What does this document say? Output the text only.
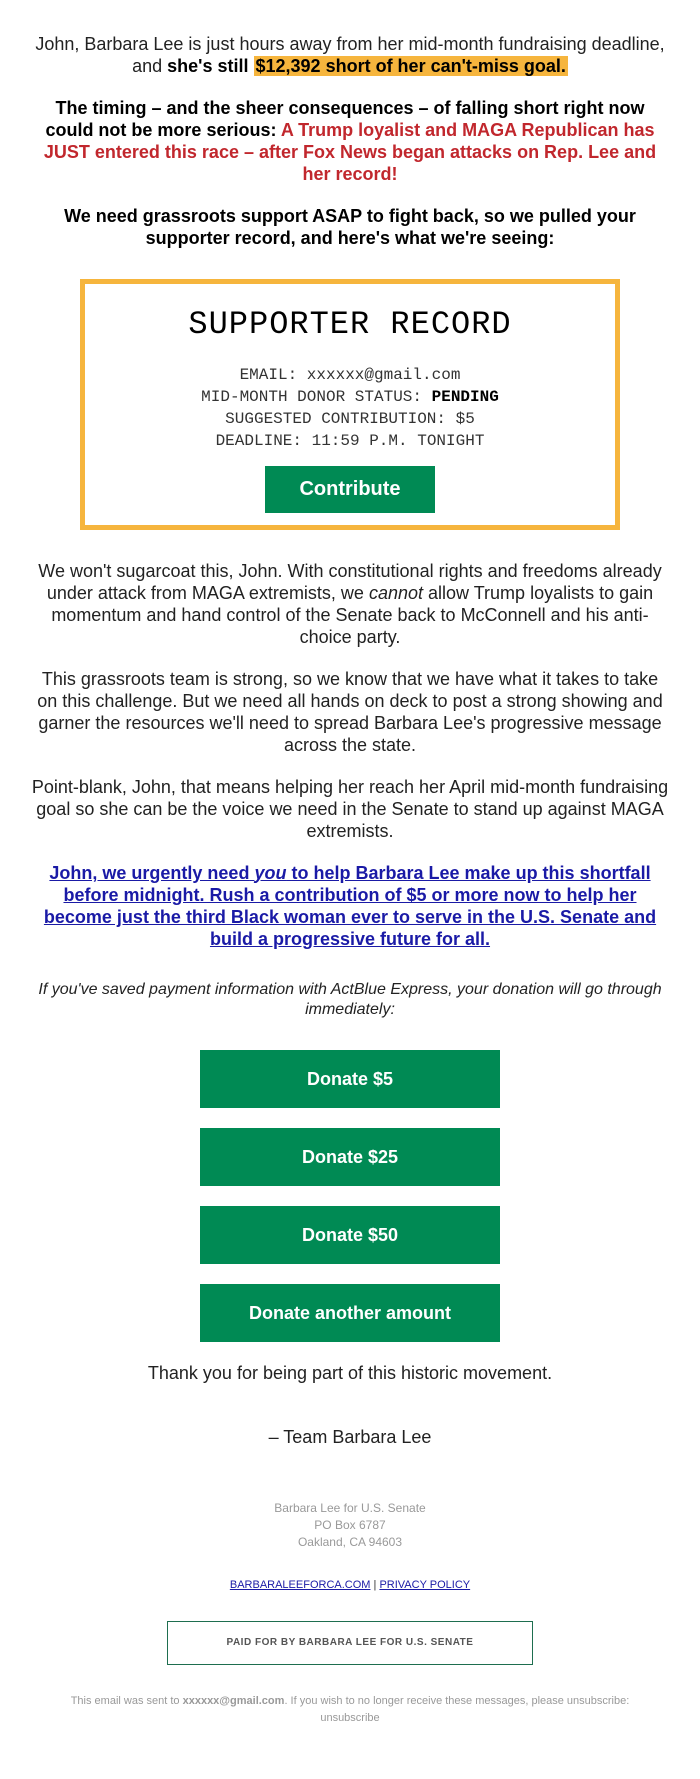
John, Barbara Lee is just hours away from her mid-month fundraising deadline, and she's still $12,392 short of her can't-miss goal.

The timing – and the sheer consequences – of falling short right now could not be more serious: A Trump loyalist and MAGA Republican has JUST entered this race – after Fox News began attacks on Rep. Lee and her record!

We need grassroots support ASAP to fight back, so we pulled your supporter record, and here's what we're seeing:

SUPPORTER RECORD
EMAIL: xxxxxx@gmail.com
MID-MONTH DONOR STATUS: PENDING
SUGGESTED CONTRIBUTION: $5
DEADLINE: 11:59 P.M. TONIGHT
Contribute

We won't sugarcoat this, John. With constitutional rights and freedoms already under attack from MAGA extremists, we cannot allow Trump loyalists to gain momentum and hand control of the Senate back to McConnell and his anti-choice party.

This grassroots team is strong, so we know that we have what it takes to take on this challenge. But we need all hands on deck to post a strong showing and garner the resources we'll need to spread Barbara Lee's progressive message across the state.

Point-blank, John, that means helping her reach her April mid-month fundraising goal so she can be the voice we need in the Senate to stand up against MAGA extremists.

John, we urgently need you to help Barbara Lee make up this shortfall before midnight. Rush a contribution of $5 or more now to help her become just the third Black woman ever to serve in the U.S. Senate and build a progressive future for all.

If you've saved payment information with ActBlue Express, your donation will go through immediately:

Donate $5
Donate $25
Donate $50
Donate another amount

Thank you for being part of this historic movement.

– Team Barbara Lee

Barbara Lee for U.S. Senate
PO Box 6787
Oakland, CA 94603
BARBARALEEFORCA.COM | PRIVACY POLICY
PAID FOR BY BARBARA LEE FOR U.S. SENATE
This email was sent to xxxxxx@gmail.com. If you wish to no longer receive these messages, please unsubscribe:
unsubscribe
